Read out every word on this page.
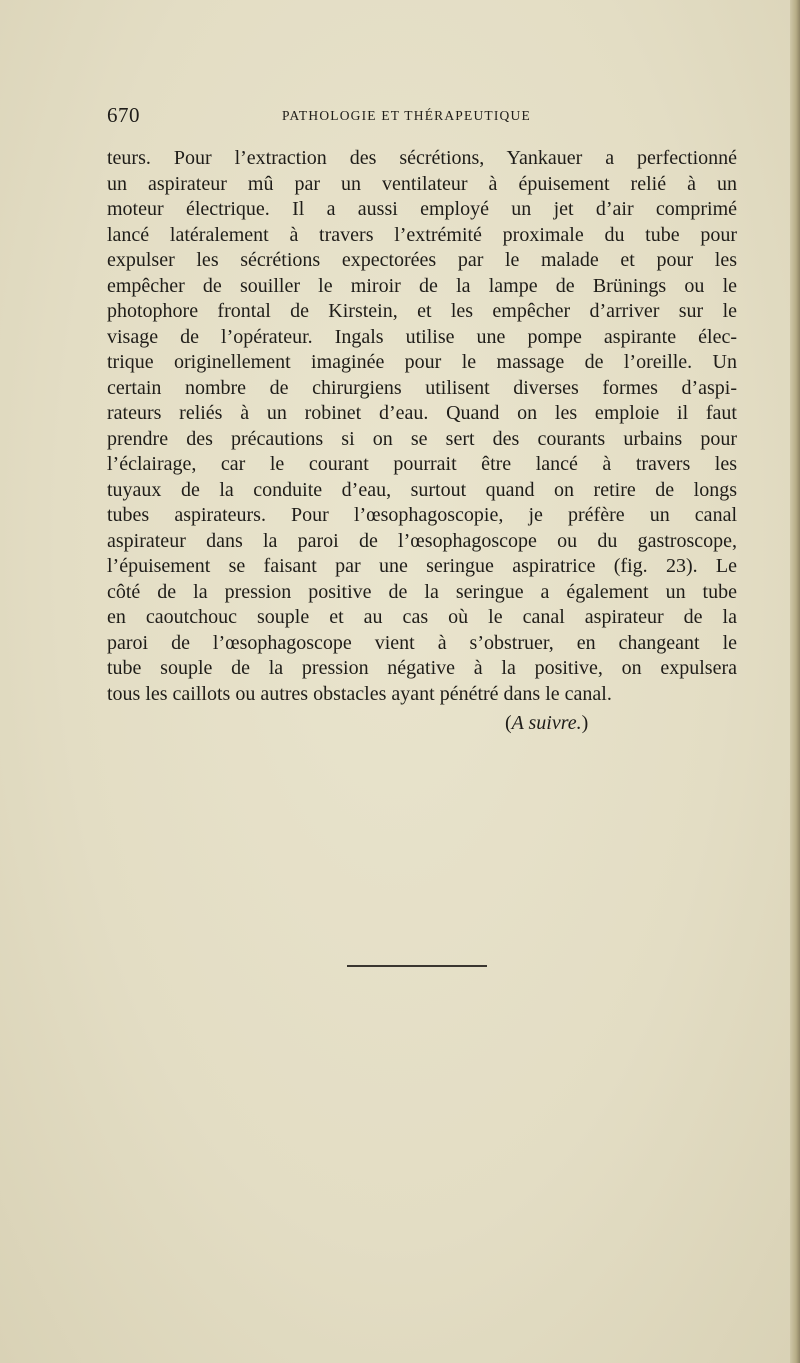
670	PATHOLOGIE ET THÉRAPEUTIQUE
teurs. Pour l’extraction des sécrétions, Yankauer a perfectionné
un aspirateur mû par un ventilateur à épuisement relié à un
moteur électrique. Il a aussi employé un jet d’air comprimé
lancé latéralement à travers l’extrémité proximale du tube pour
expulser les sécrétions expectorées par le malade et pour les
empêcher de souiller le miroir de la lampe de Brünings ou le
photophore frontal de Kirstein, et les empêcher d’arriver sur le
visage de l’opérateur. Ingals utilise une pompe aspirante élec-
trique originellement imaginée pour le massage de l’oreille. Un
certain nombre de chirurgiens utilisent diverses formes d’aspi-
rateurs reliés à un robinet d’eau. Quand on les emploie il faut
prendre des précautions si on se sert des courants urbains pour
l’éclairage, car le courant pourrait être lancé à travers les
tuyaux de la conduite d’eau, surtout quand on retire de longs
tubes aspirateurs. Pour l’œsophagoscopie, je préfère un canal
aspirateur dans la paroi de l’œsophagoscope ou du gastroscope,
l’épuisement se faisant par une seringue aspiratrice (fig. 23). Le
côté de la pression positive de la seringue a également un tube
en caoutchouc souple et au cas où le canal aspirateur de la
paroi de l’œsophagoscope vient à s’obstruer, en changeant le
tube souple de la pression négative à la positive, on expulsera
tous les caillots ou autres obstacles ayant pénétré dans le canal.
(A suivre.)
